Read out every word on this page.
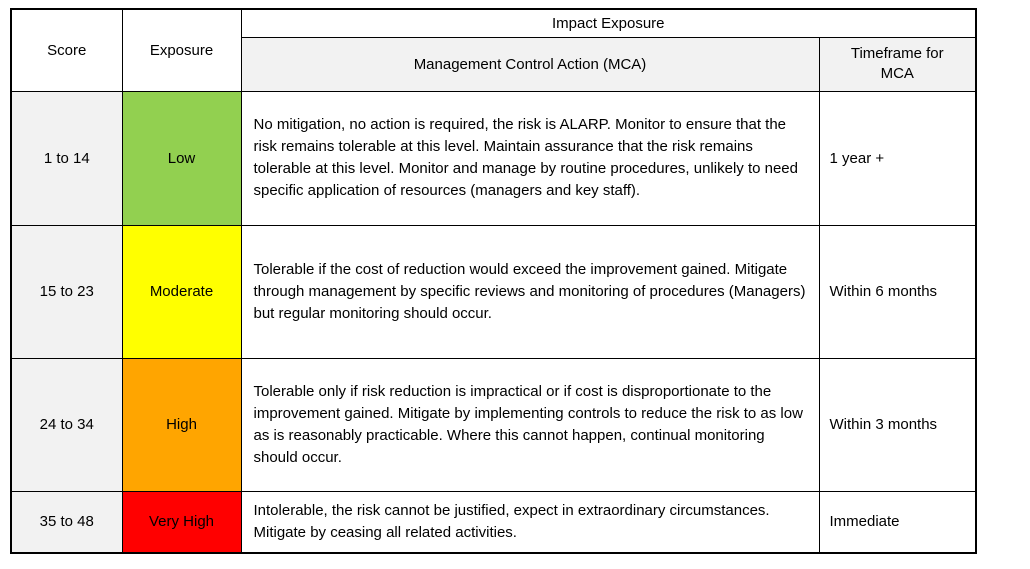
Score	Exposure	Impact Exposure	
		Management Control Action (MCA)	Timeframe for MCA
1 to 14	Low	No mitigation, no action is required, the risk is ALARP. Monitor to ensure that the risk remains tolerable at this level. Maintain assurance that the risk remains tolerable at this level. Monitor and manage by routine procedures, unlikely to need specific application of resources (managers and key staff).	1 year +
15 to 23	Moderate	Tolerable if the cost of reduction would exceed the improvement gained. Mitigate through management by specific reviews and monitoring of procedures (Managers) but regular monitoring should occur.	Within 6 months
24 to 34	High	Tolerable only if risk reduction is impractical or if cost is disproportionate to the improvement gained. Mitigate by implementing controls to reduce the risk to as low as is reasonably practicable. Where this cannot happen, continual monitoring should occur.	Within 3 months
35 to 48	Very High	Intolerable, the risk cannot be justified, expect in extraordinary circumstances. Mitigate by ceasing all related activities.	Immediate
